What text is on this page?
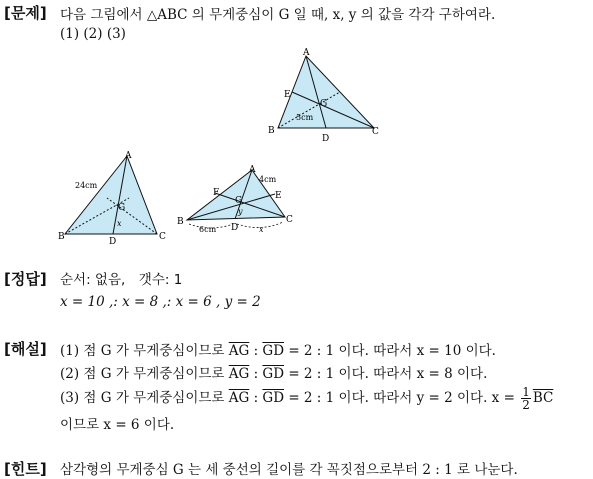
[문제] 다음 그림에서 △ABC 의 무게중심이 G 일 때, x, y 의 값을 각각 구하여라.
(1) (2) (3)
A
B	C
D
E
G
5cm
A
B	C
D
G
24cm
x
A
B	C
D
E
F
G
4cm
6cm
y
x
[정답] 순서: 없음,　갯수: 1
x = 10 ,: x = 8 ,: x = 6 , y = 2
[해설] (1) 점 G 가 무게중심이므로 $\overline{AG}$ : $\overline{GD} = 2$ : 1 이다. 따라서 x = 10 이다.
(2) 점 G 가 무게중심이므로 $\overline{AG}$ : $\overline{GD} = 2$ : 1 이다. 따라서 x = 8 이다.
(3) 점 G 가 무게중심이므로 $\overline{AG}$ : $\overline{GD} = 2$ : 1 이다. 따라서 y = 2 이다. $x = \frac{1}{2} \overline{BC}$
이므로 x = 6 이다.
[힌트] 삼각형의 무게중심 G 는 세 중선의 길이를 각 꼭짓점으로부터 2 : 1 로 나눈다.
